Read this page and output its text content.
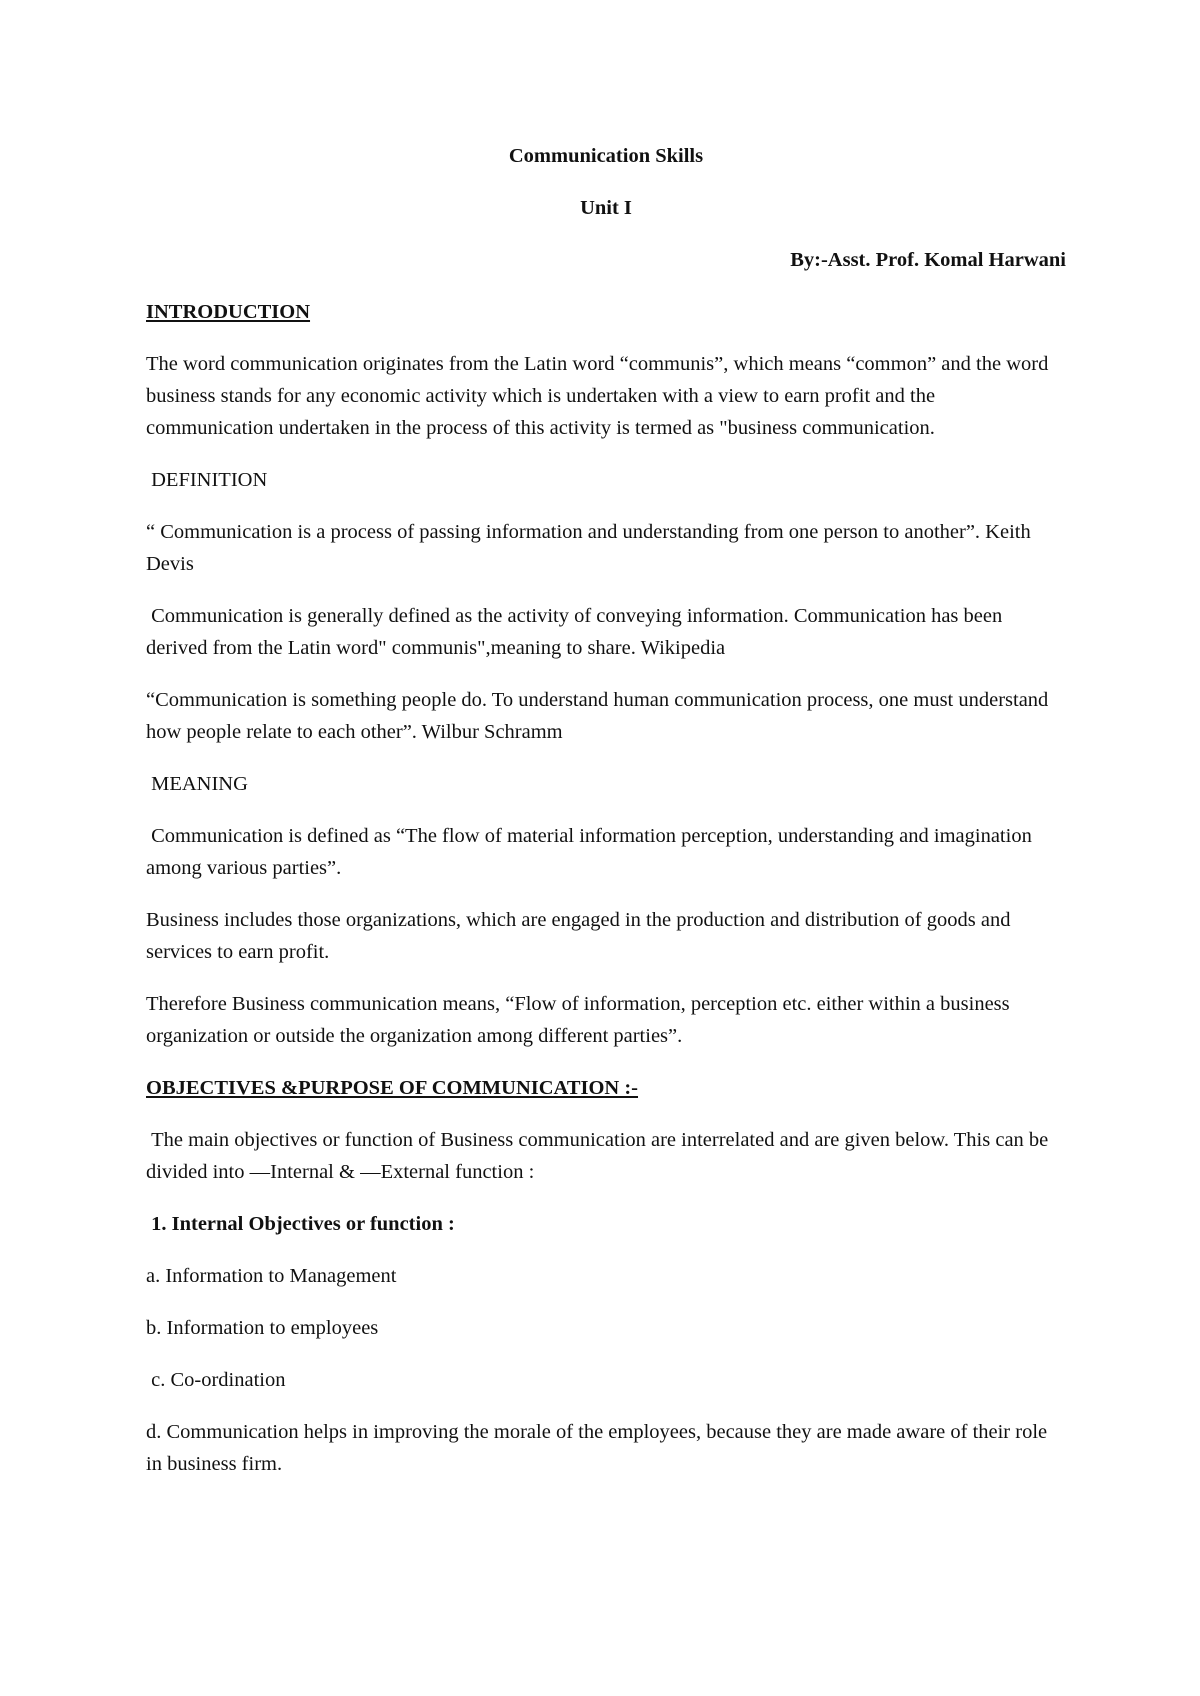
Communication Skills

Unit I

By:-Asst. Prof. Komal Harwani

INTRODUCTION

The word communication originates from the Latin word “communis”, which means “common” and the word business stands for any economic activity which is undertaken with a view to earn profit and the communication undertaken in the process of this activity is termed as "business communication.

DEFINITION

“ Communication is a process of passing information and understanding from one person to another”. Keith Devis

Communication is generally defined as the activity of conveying information. Communication has been derived from the Latin word" communis",meaning to share. Wikipedia

“Communication is something people do. To understand human communication process, one must understand how people relate to each other”. Wilbur Schramm

MEANING

Communication is defined as “The flow of material information perception, understanding and imagination among various parties”.

Business includes those organizations, which are engaged in the production and distribution of goods and services to earn profit.

Therefore Business communication means, “Flow of information, perception etc. either within a business organization or outside the organization among different parties”.

OBJECTIVES &PURPOSE OF COMMUNICATION :-

The main objectives or function of Business communication are interrelated and are given below. This can be divided into ―Internal & ―External function :

1. Internal Objectives or function :

a. Information to Management

b. Information to employees

c. Co-ordination

d. Communication helps in improving the morale of the employees, because they are made aware of their role in business firm.
